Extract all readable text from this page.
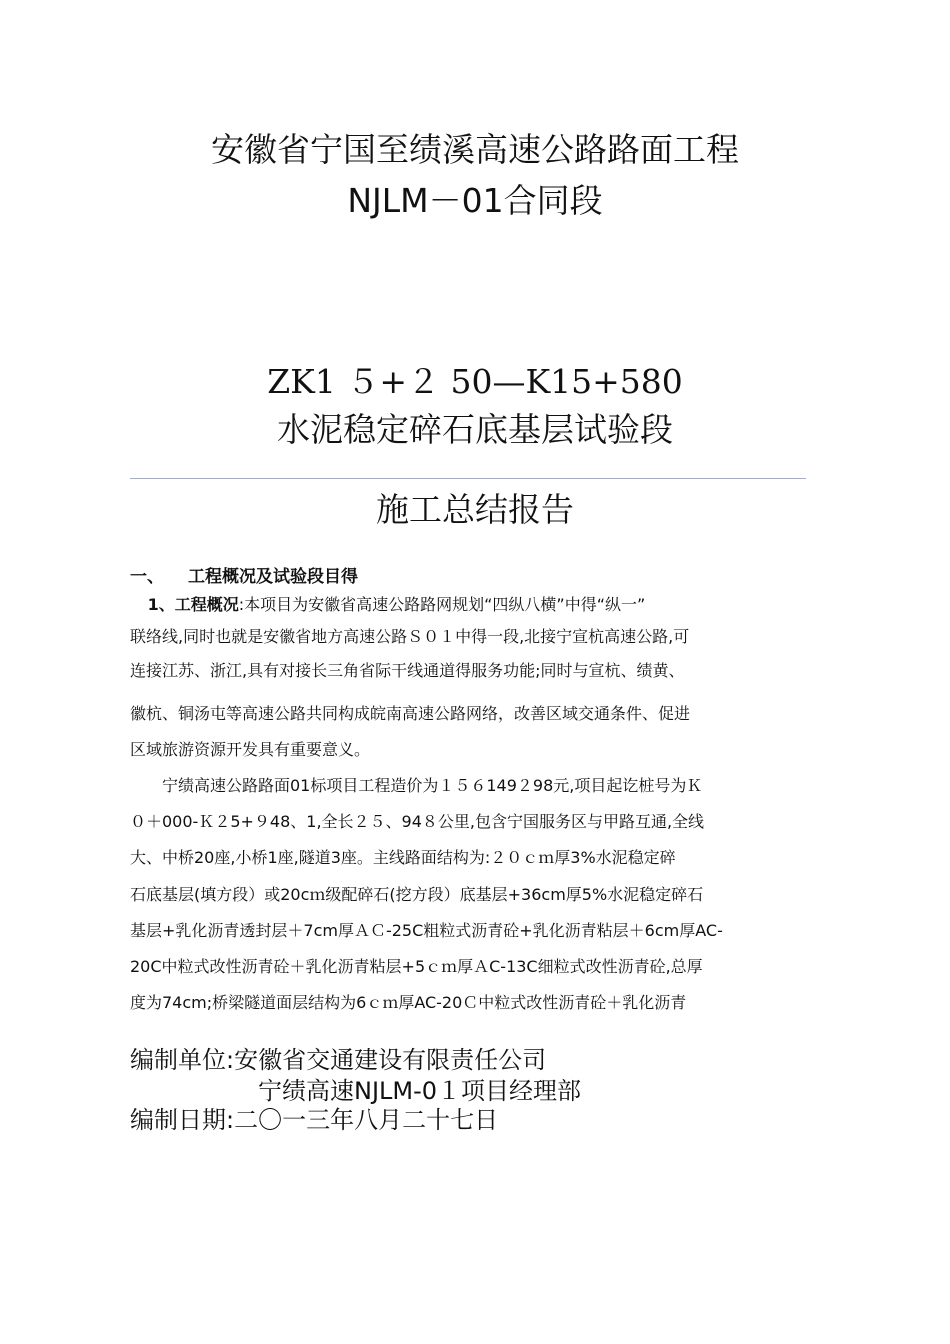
安徽省宁国至绩溪高速公路路面工程
NJLM－01合同段
ZK1 ５+２ 50—K15+580
水泥稳定碎石底基层试验段
施工总结报告
一、 工程概况及试验段目得
　 1、工程概况:本项目为安徽省高速公路路网规划“四纵八横”中得“纵一”
联络线,同时也就是安徽省地方高速公路Ｓ０１中得一段,北接宁宣杭高速公路,可
连接江苏、浙江,具有对接长三角省际干线通道得服务功能;同时与宣杭、绩黄、
徽杭、铜汤屯等高速公路共同构成皖南高速公路网络，改善区域交通条件、促进
区域旅游资源开发具有重要意义。
　　宁绩高速公路路面01标项目工程造价为１５６149２98元,项目起讫桩号为Ｋ
０＋000-Ｋ２5+９48、1,全长２５、94８公里,包含宁国服务区与甲路互通,全线
大、中桥20座,小桥1座,隧道3座。主线路面结构为:２０ｃｍ厚3%水泥稳定碎
石底基层(填方段）或20cｍ级配碎石(挖方段）底基层+36cm厚5%水泥稳定碎石
基层+乳化沥青透封层＋7cm厚ＡＣ-25C粗粒式沥青砼+乳化沥青粘层＋6cm厚AC-
20C中粒式改性沥青砼＋乳化沥青粘层+5ｃｍ厚ＡC-13C细粒式改性沥青砼,总厚
度为74cm;桥梁隧道面层结构为6ｃｍ厚AC-20Ｃ中粒式改性沥青砼＋乳化沥青
编制单位:安徽省交通建设有限责任公司
宁绩高速NJLM-0１项目经理部
编制日期:二〇一三年八月二十七日
